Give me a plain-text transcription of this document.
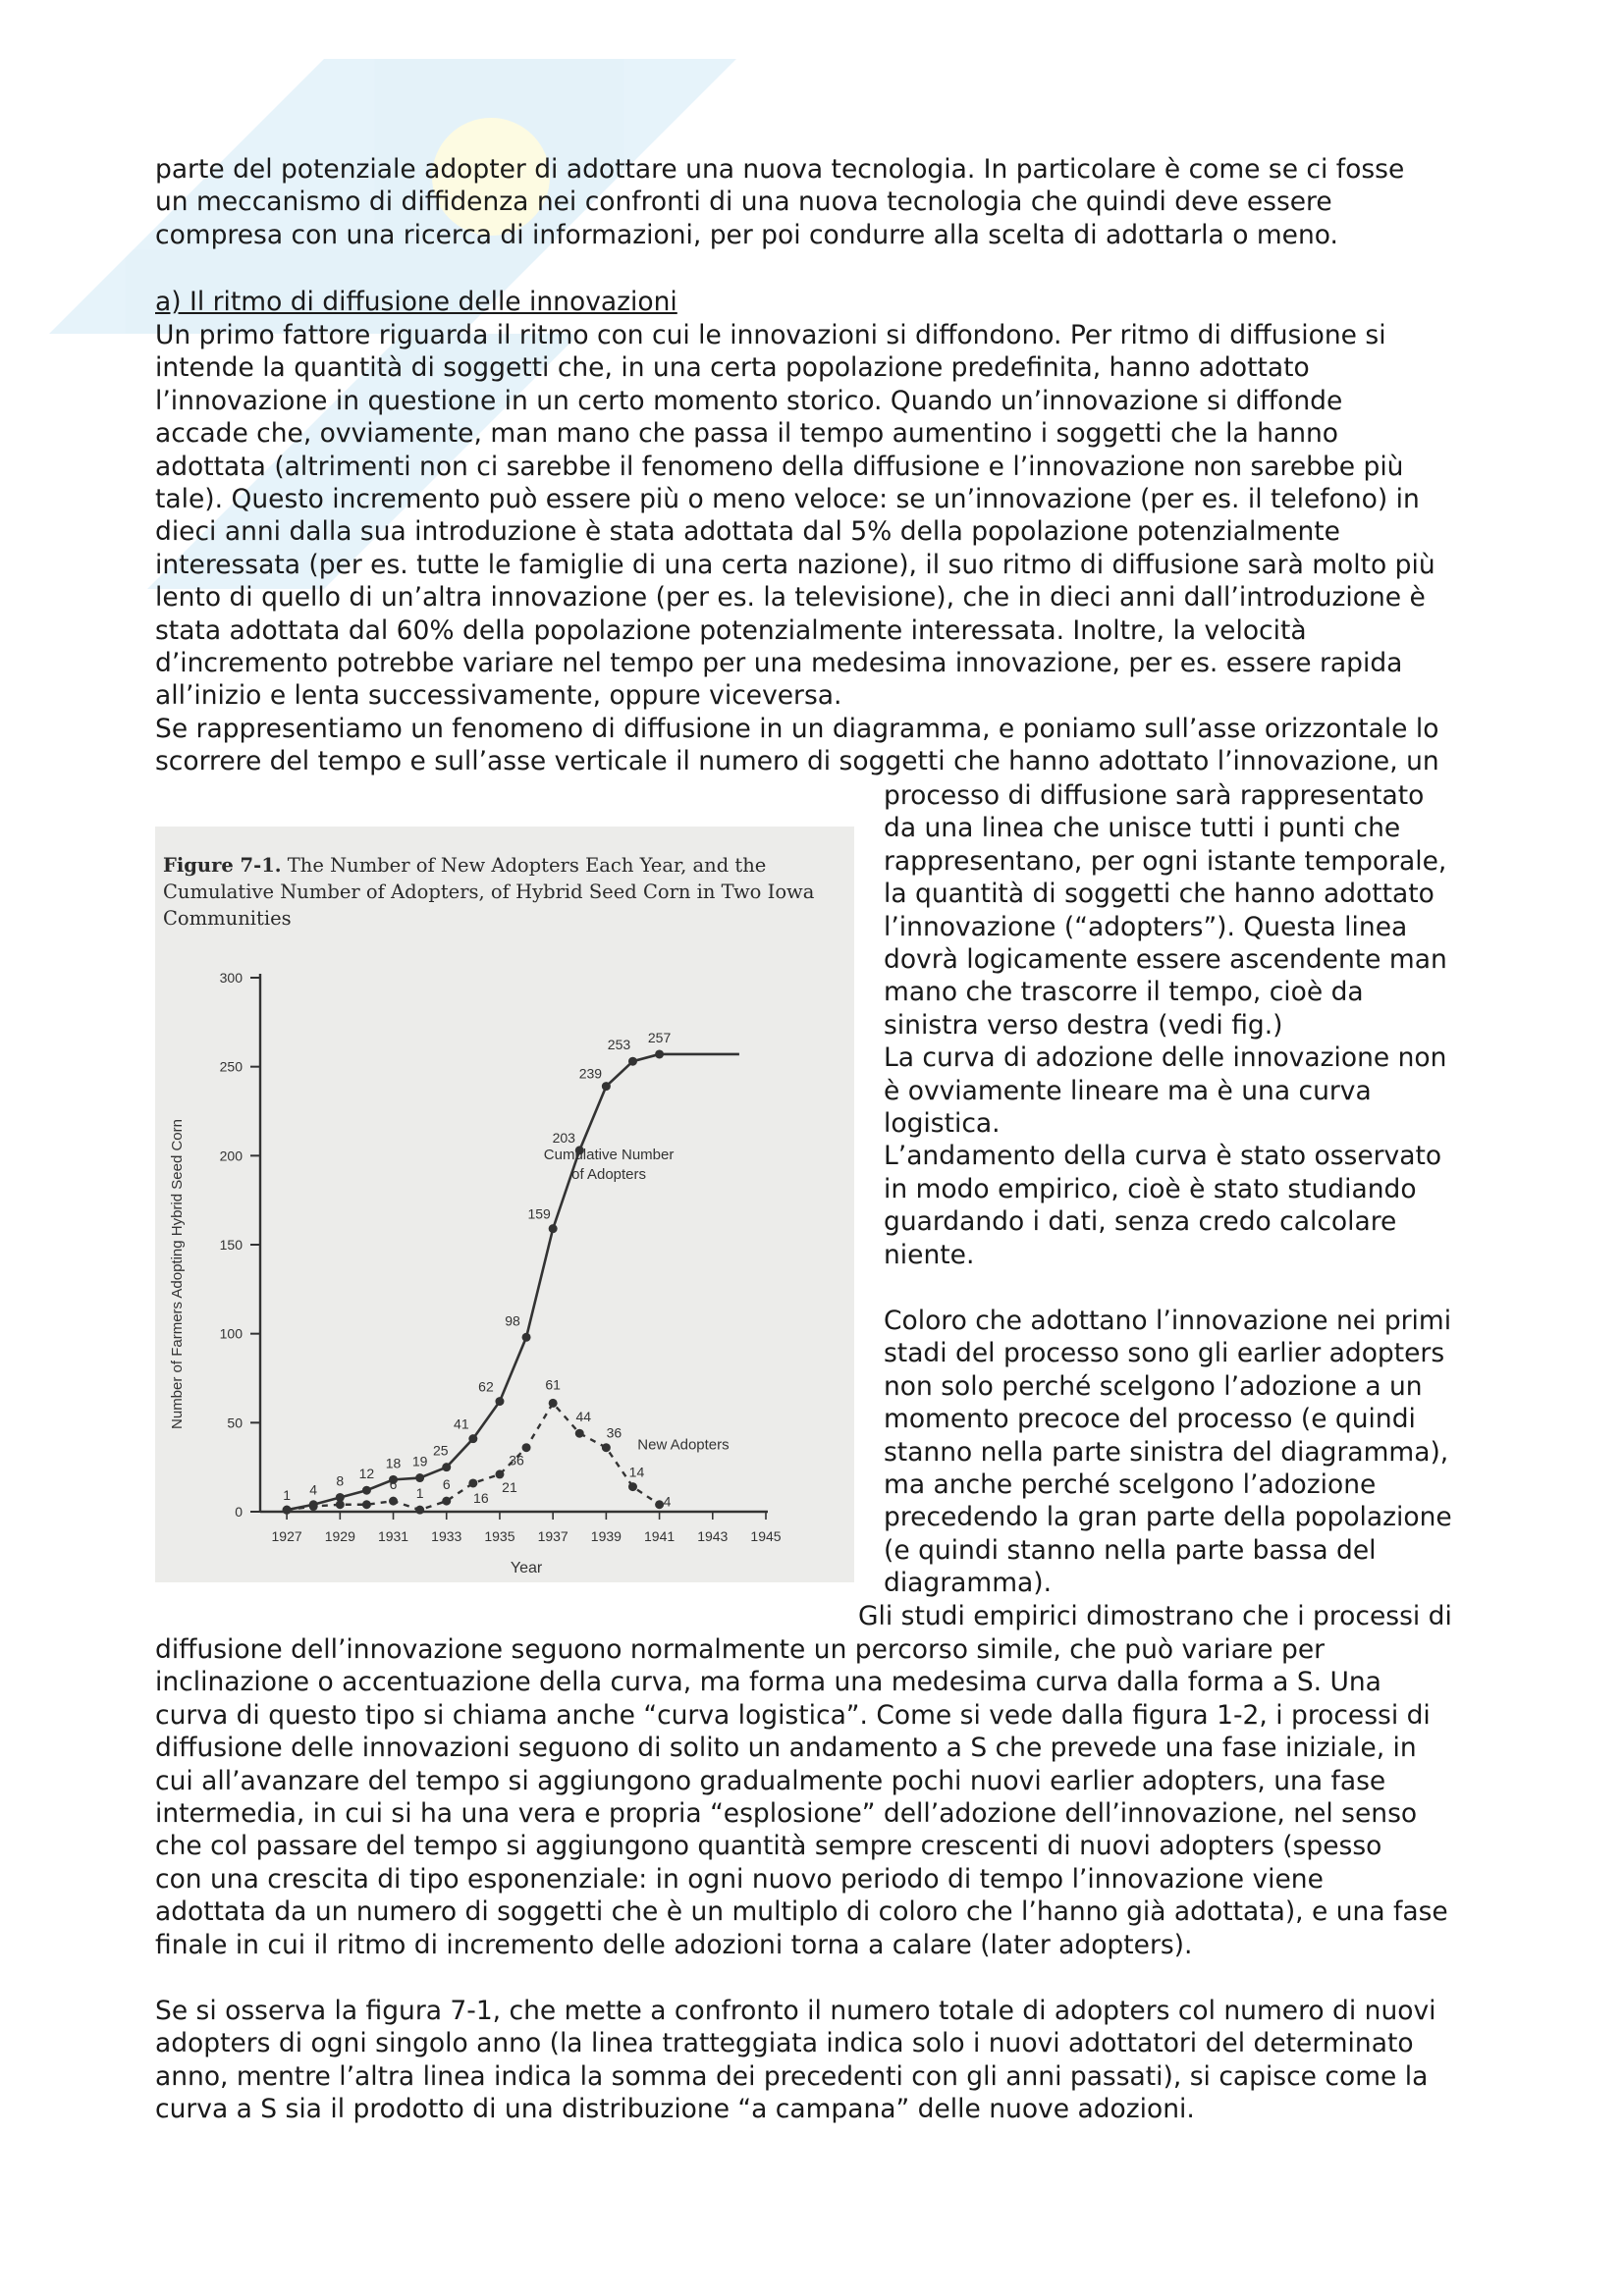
parte del potenziale adopter di adottare una nuova tecnologia. In particolare è come se ci fosse
un meccanismo di diffidenza nei confronti di una nuova tecnologia che quindi deve essere
compresa con una ricerca di informazioni, per poi condurre alla scelta di adottarla o meno.

a) Il ritmo di diffusione delle innovazioni

Un primo fattore riguarda il ritmo con cui le innovazioni si diffondono. Per ritmo di diffusione si
intende la quantità di soggetti che, in una certa popolazione predefinita, hanno adottato
l’innovazione in questione in un certo momento storico. Quando un’innovazione si diffonde
accade che, ovviamente, man mano che passa il tempo aumentino i soggetti che la hanno
adottata (altrimenti non ci sarebbe il fenomeno della diffusione e l’innovazione non sarebbe più
tale). Questo incremento può essere più o meno veloce: se un’innovazione (per es. il telefono) in
dieci anni dalla sua introduzione è stata adottata dal 5% della popolazione potenzialmente
interessata (per es. tutte le famiglie di una certa nazione), il suo ritmo di diffusione sarà molto più
lento di quello di un’altra innovazione (per es. la televisione), che in dieci anni dall’introduzione è
stata adottata dal 60% della popolazione potenzialmente interessata. Inoltre, la velocità
d’incremento potrebbe variare nel tempo per una medesima innovazione, per es. essere rapida
all’inizio e lenta successivamente, oppure viceversa.

Se rappresentiamo un fenomeno di diffusione in un diagramma, e poniamo sull’asse orizzontale lo
scorrere del tempo e sull’asse verticale il numero di soggetti che hanno adottato l’innovazione, un

processo di diffusione sarà rappresentato
da una linea che unisce tutti i punti che
rappresentano, per ogni istante temporale,
la quantità di soggetti che hanno adottato
l’innovazione (“adopters”). Questa linea
dovrà logicamente essere ascendente man
mano che trascorre il tempo, cioè da
sinistra verso destra (vedi fig.)
La curva di adozione delle innovazione non
è ovviamente lineare ma è una curva
logistica.
L’andamento della curva è stato osservato
in modo empirico, cioè è stato studiando
guardando i dati, senza credo calcolare
niente.

Coloro che adottano l’innovazione nei primi
stadi del processo sono gli earlier adopters
non solo perché scelgono l’adozione a un
momento precoce del processo (e quindi
stanno nella parte sinistra del diagramma),
ma anche perché scelgono l’adozione
precedendo la gran parte della popolazione
(e quindi stanno nella parte bassa del
diagramma).

Gli studi empirici dimostrano che i processi di

diffusione dell’innovazione seguono normalmente un percorso simile, che può variare per
inclinazione o accentuazione della curva, ma forma una medesima curva dalla forma a S. Una
curva di questo tipo si chiama anche “curva logistica”. Come si vede dalla figura 1-2, i processi di
diffusione delle innovazioni seguono di solito un andamento a S che prevede una fase iniziale, in
cui all’avanzare del tempo si aggiungono gradualmente pochi nuovi earlier adopters, una fase
intermedia, in cui si ha una vera e propria “esplosione” dell’adozione dell’innovazione, nel senso
che col passare del tempo si aggiungono quantità sempre crescenti di nuovi adopters (spesso
con una crescita di tipo esponenziale: in ogni nuovo periodo di tempo l’innovazione viene
adottata da un numero di soggetti che è un multiplo di coloro che l’hanno già adottata), e una fase
finale in cui il ritmo di incremento delle adozioni torna a calare (later adopters).

Se si osserva la figura 7-1, che mette a confronto il numero totale di adopters col numero di nuovi
adopters di ogni singolo anno (la linea tratteggiata indica solo i nuovi adottatori del determinato
anno, mentre l’altra linea indica la somma dei precedenti con gli anni passati), si capisce come la
curva a S sia il prodotto di una distribuzione “a campana” delle nuove adozioni.

Figure 7-1. The Number of New Adopters Each Year, and the
Cumulative Number of Adopters, of Hybrid Seed Corn in Two Iowa
Communities
0
50
100
150
200
250
300
1927 1929 1931 1933 1935 1937 1939 1941 1943 1945
Year
Number of Farmers Adopting Hybrid Seed Corn
1 4
8 12
18 19
25
41
62
98
159
203
239
253 257
6
1
6
16
21
36
61
44
36
14
4
Cumulative Number
of Adopters
New Adopters
